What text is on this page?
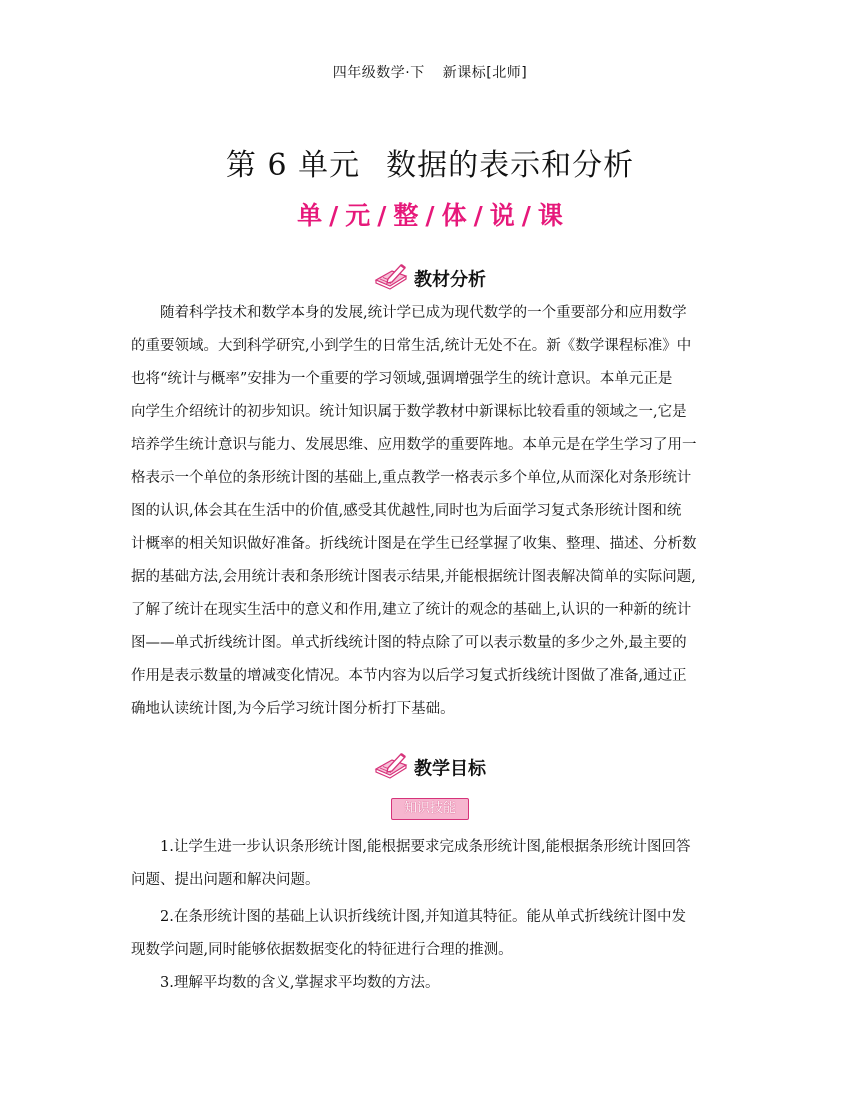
四年级数学·下 新课标[北师]
第 6 单元 数据的表示和分析
单 / 元 / 整 / 体 / 说 / 课
教材分析
随着科学技术和数学本身的发展,统计学已成为现代数学的一个重要部分和应用数学
的重要领域。大到科学研究,小到学生的日常生活,统计无处不在。新《数学课程标准》中
也将“统计与概率”安排为一个重要的学习领域,强调增强学生的统计意识。本单元正是
向学生介绍统计的初步知识。统计知识属于数学教材中新课标比较看重的领域之一,它是
培养学生统计意识与能力、发展思维、应用数学的重要阵地。本单元是在学生学习了用一
格表示一个单位的条形统计图的基础上,重点教学一格表示多个单位,从而深化对条形统计
图的认识,体会其在生活中的价值,感受其优越性,同时也为后面学习复式条形统计图和统
计概率的相关知识做好准备。折线统计图是在学生已经掌握了收集、整理、描述、分析数
据的基础方法,会用统计表和条形统计图表示结果,并能根据统计图表解决简单的实际问题,
了解了统计在现实生活中的意义和作用,建立了统计的观念的基础上,认识的一种新的统计
图——单式折线统计图。单式折线统计图的特点除了可以表示数量的多少之外,最主要的
作用是表示数量的增减变化情况。本节内容为以后学习复式折线统计图做了准备,通过正
确地认读统计图,为今后学习统计图分析打下基础。
教学目标
知识技能
1.让学生进一步认识条形统计图,能根据要求完成条形统计图,能根据条形统计图回答
问题、提出问题和解决问题。
2.在条形统计图的基础上认识折线统计图,并知道其特征。能从单式折线统计图中发
现数学问题,同时能够依据数据变化的特征进行合理的推测。
3.理解平均数的含义,掌握求平均数的方法。
